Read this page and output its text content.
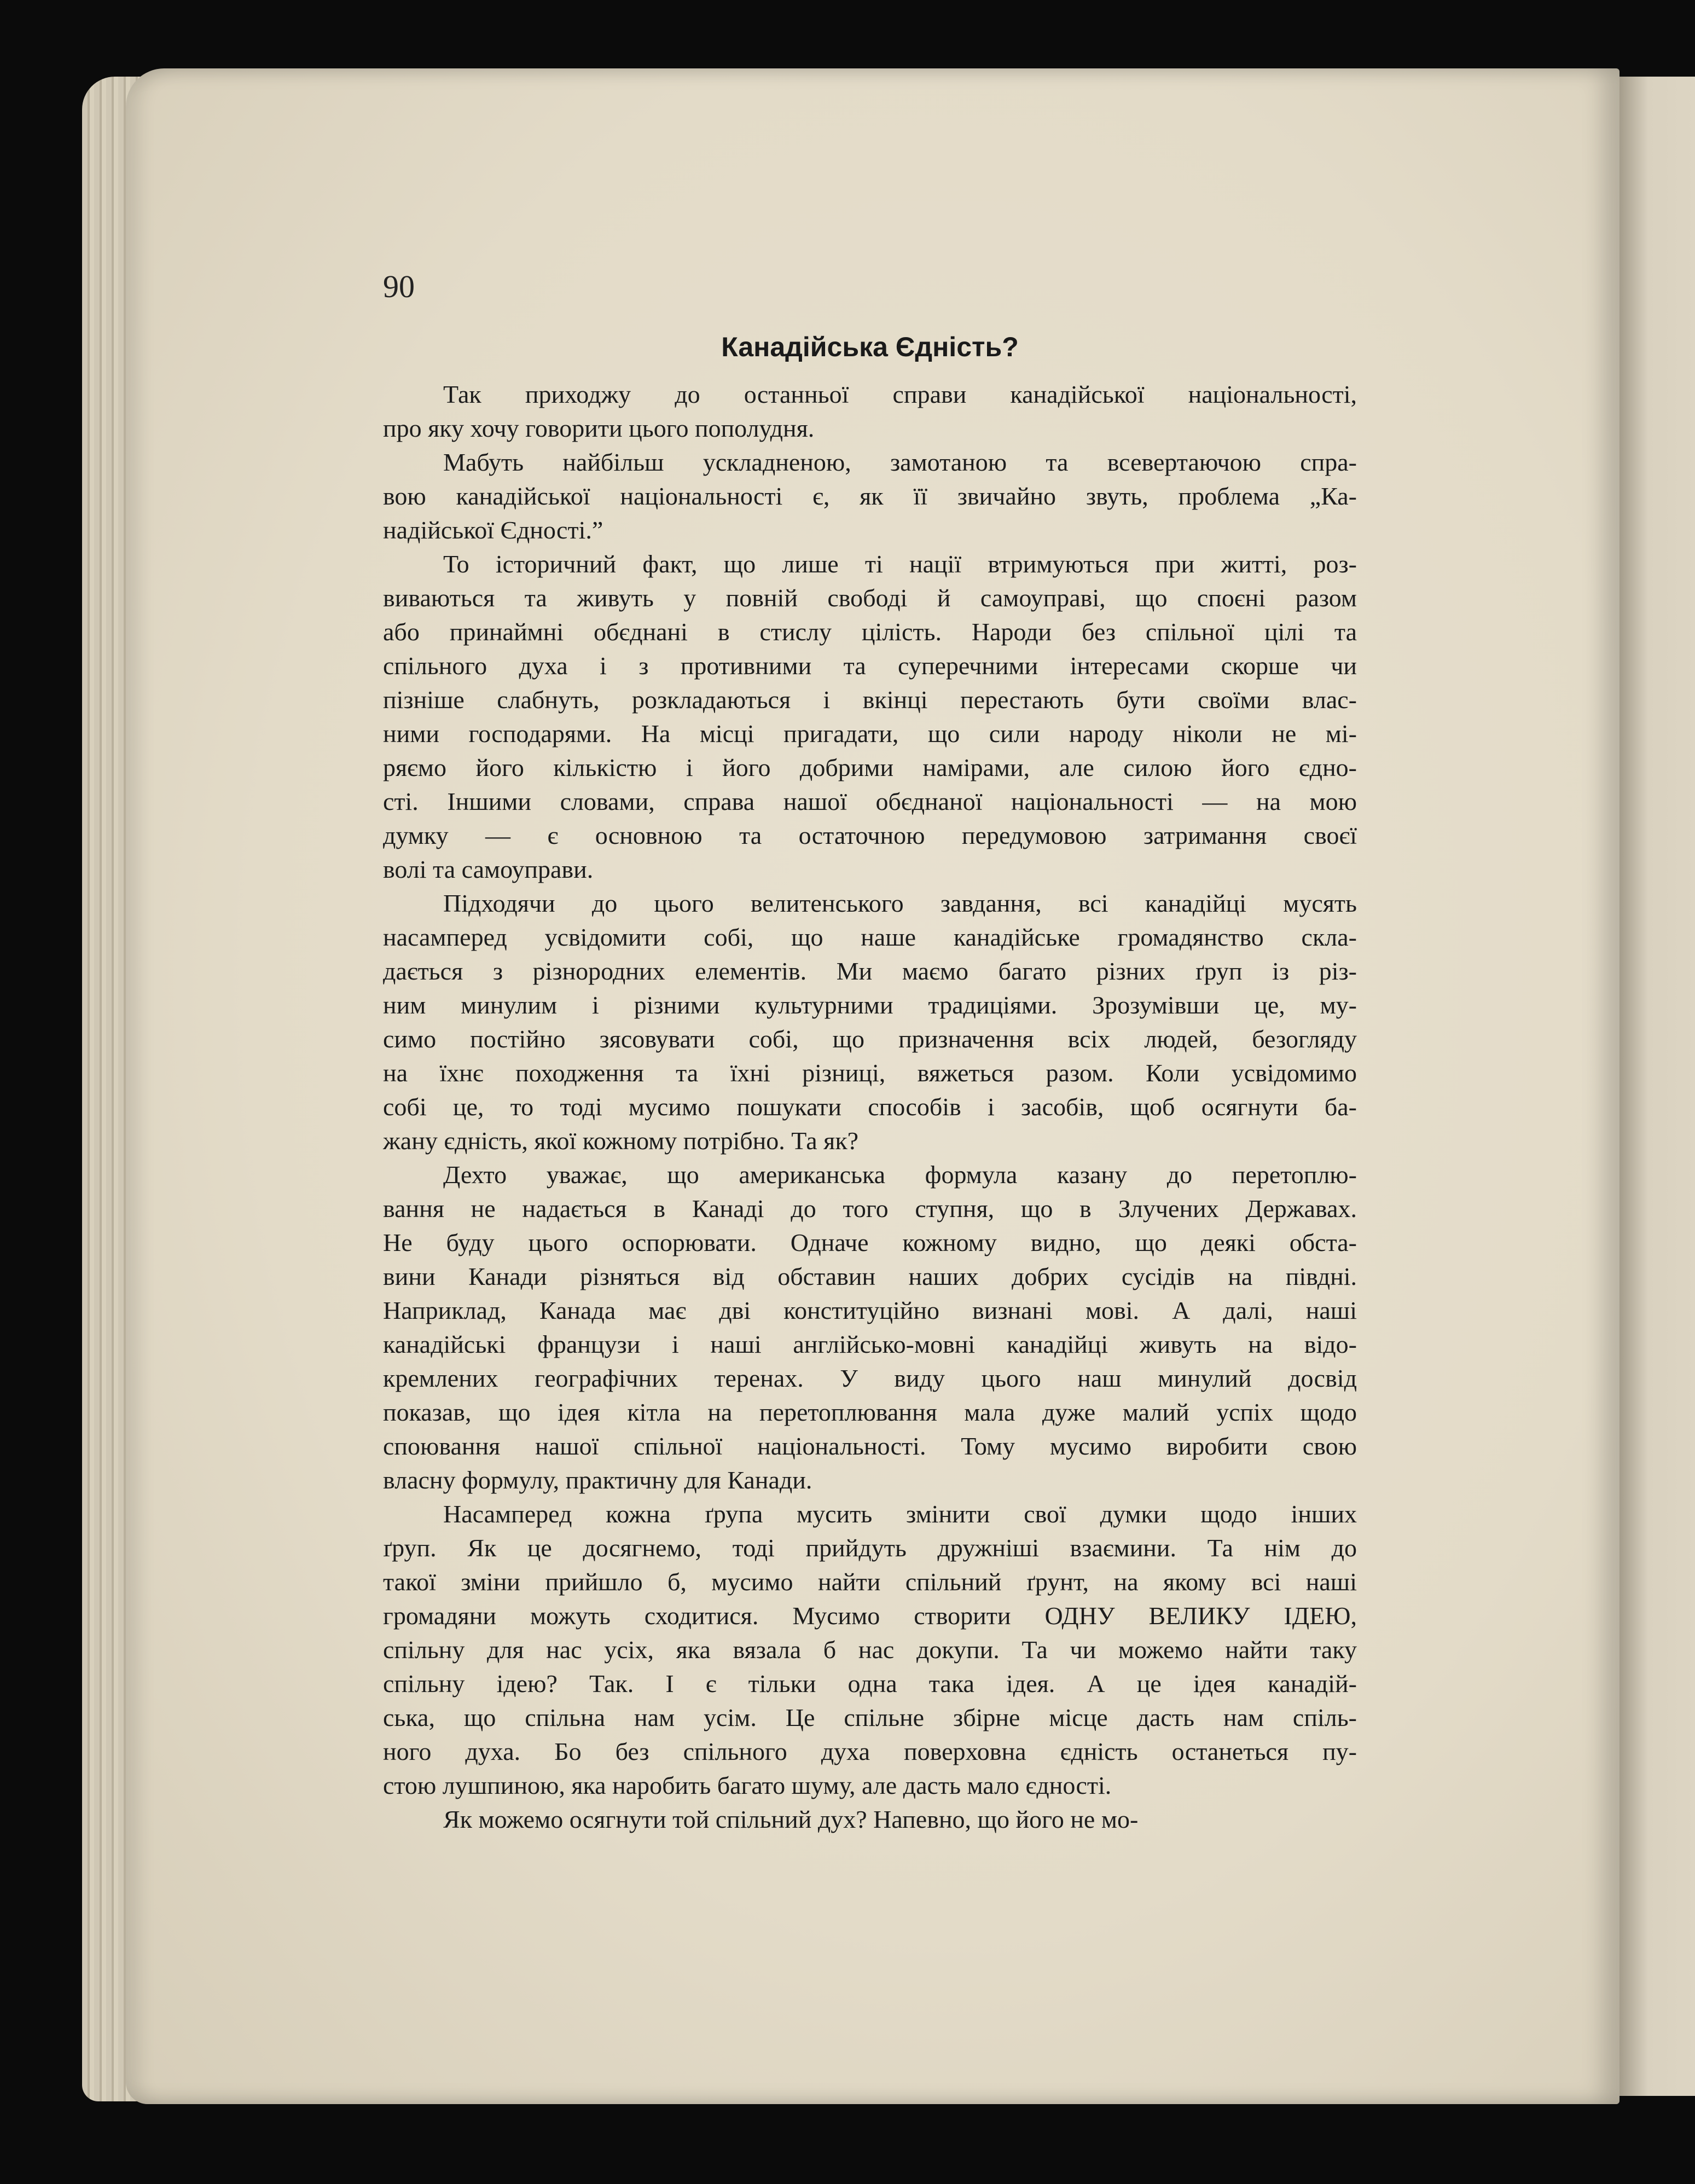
90
Канадійська Єдність?
Так приходжу до останньої справи канадійської національності,
про яку хочу говорити цього пополудня.
Мабуть найбільш ускладненою, замотаною та всевертаючою спра-
вою канадійської національності є, як її звичайно звуть, проблема „Ка-
надійської Єдності.”
То історичний факт, що лише ті нації втримуються при житті, роз-
виваються та живуть у повній свободі й самоуправі, що споєні разом
або принаймні обєднані в стислу цілість. Народи без спільної цілі та
спільного духа і з противними та суперечними інтересами скорше чи
пізніше слабнуть, розкладаються і вкінці перестають бути своїми влас-
ними господарями. На місці пригадати, що сили народу ніколи не мі-
ряємо його кількістю і його добрими намірами, але силою його єдно-
сті. Іншими словами, справа нашої обєднаної національності — на мою
думку — є основною та остаточною передумовою затримання своєї
волі та самоуправи.
Підходячи до цього велитенського завдання, всі канадійці мусять
насамперед усвідомити собі, що наше канадійське громадянство скла-
дається з різнородних елементів. Ми маємо багато різних ґруп із різ-
ним минулим і різними культурними традиціями. Зрозумівши це, му-
симо постійно зясовувати собі, що призначення всіх людей, безогляду
на їхнє походження та їхні різниці, вяжеться разом. Коли усвідомимо
собі це, то тоді мусимо пошукати способів і засобів, щоб осягнути ба-
жану єдність, якої кожному потрібно. Та як?
Дехто уважає, що американська формула казану до перетоплю-
вання не надається в Канаді до того ступня, що в Злучених Державах.
Не буду цього оспорювати. Одначе кожному видно, що деякі обста-
вини Канади різняться від обставин наших добрих сусідів на півдні.
Наприклад, Канада має дві конституційно визнані мові. А далі, наші
канадійські французи і наші англійсько-мовні канадійці живуть на відо-
кремлених географічних теренах. У виду цього наш минулий досвід
показав, що ідея кітла на перетоплювання мала дуже малий успіх щодо
споювання нашої спільної національності. Тому мусимо виробити свою
власну формулу, практичну для Канади.
Насамперед кожна ґрупа мусить змінити свої думки щодо інших
ґруп. Як це досягнемо, тоді прийдуть дружніші взаємини. Та нім до
такої зміни прийшло б, мусимо найти спільний ґрунт, на якому всі наші
громадяни можуть сходитися. Мусимо створити ОДНУ ВЕЛИКУ ІДЕЮ,
спільну для нас усіх, яка вязала б нас докупи. Та чи можемо найти таку
спільну ідею? Так. І є тільки одна така ідея. А це ідея канадій-
ська, що спільна нам усім. Це спільне збірне місце дасть нам спіль-
ного духа. Бо без спільного духа поверховна єдність останеться пу-
стою лушпиною, яка наробить багато шуму, але дасть мало єдності.
Як можемо осягнути той спільний дух? Напевно, що його не мо-
